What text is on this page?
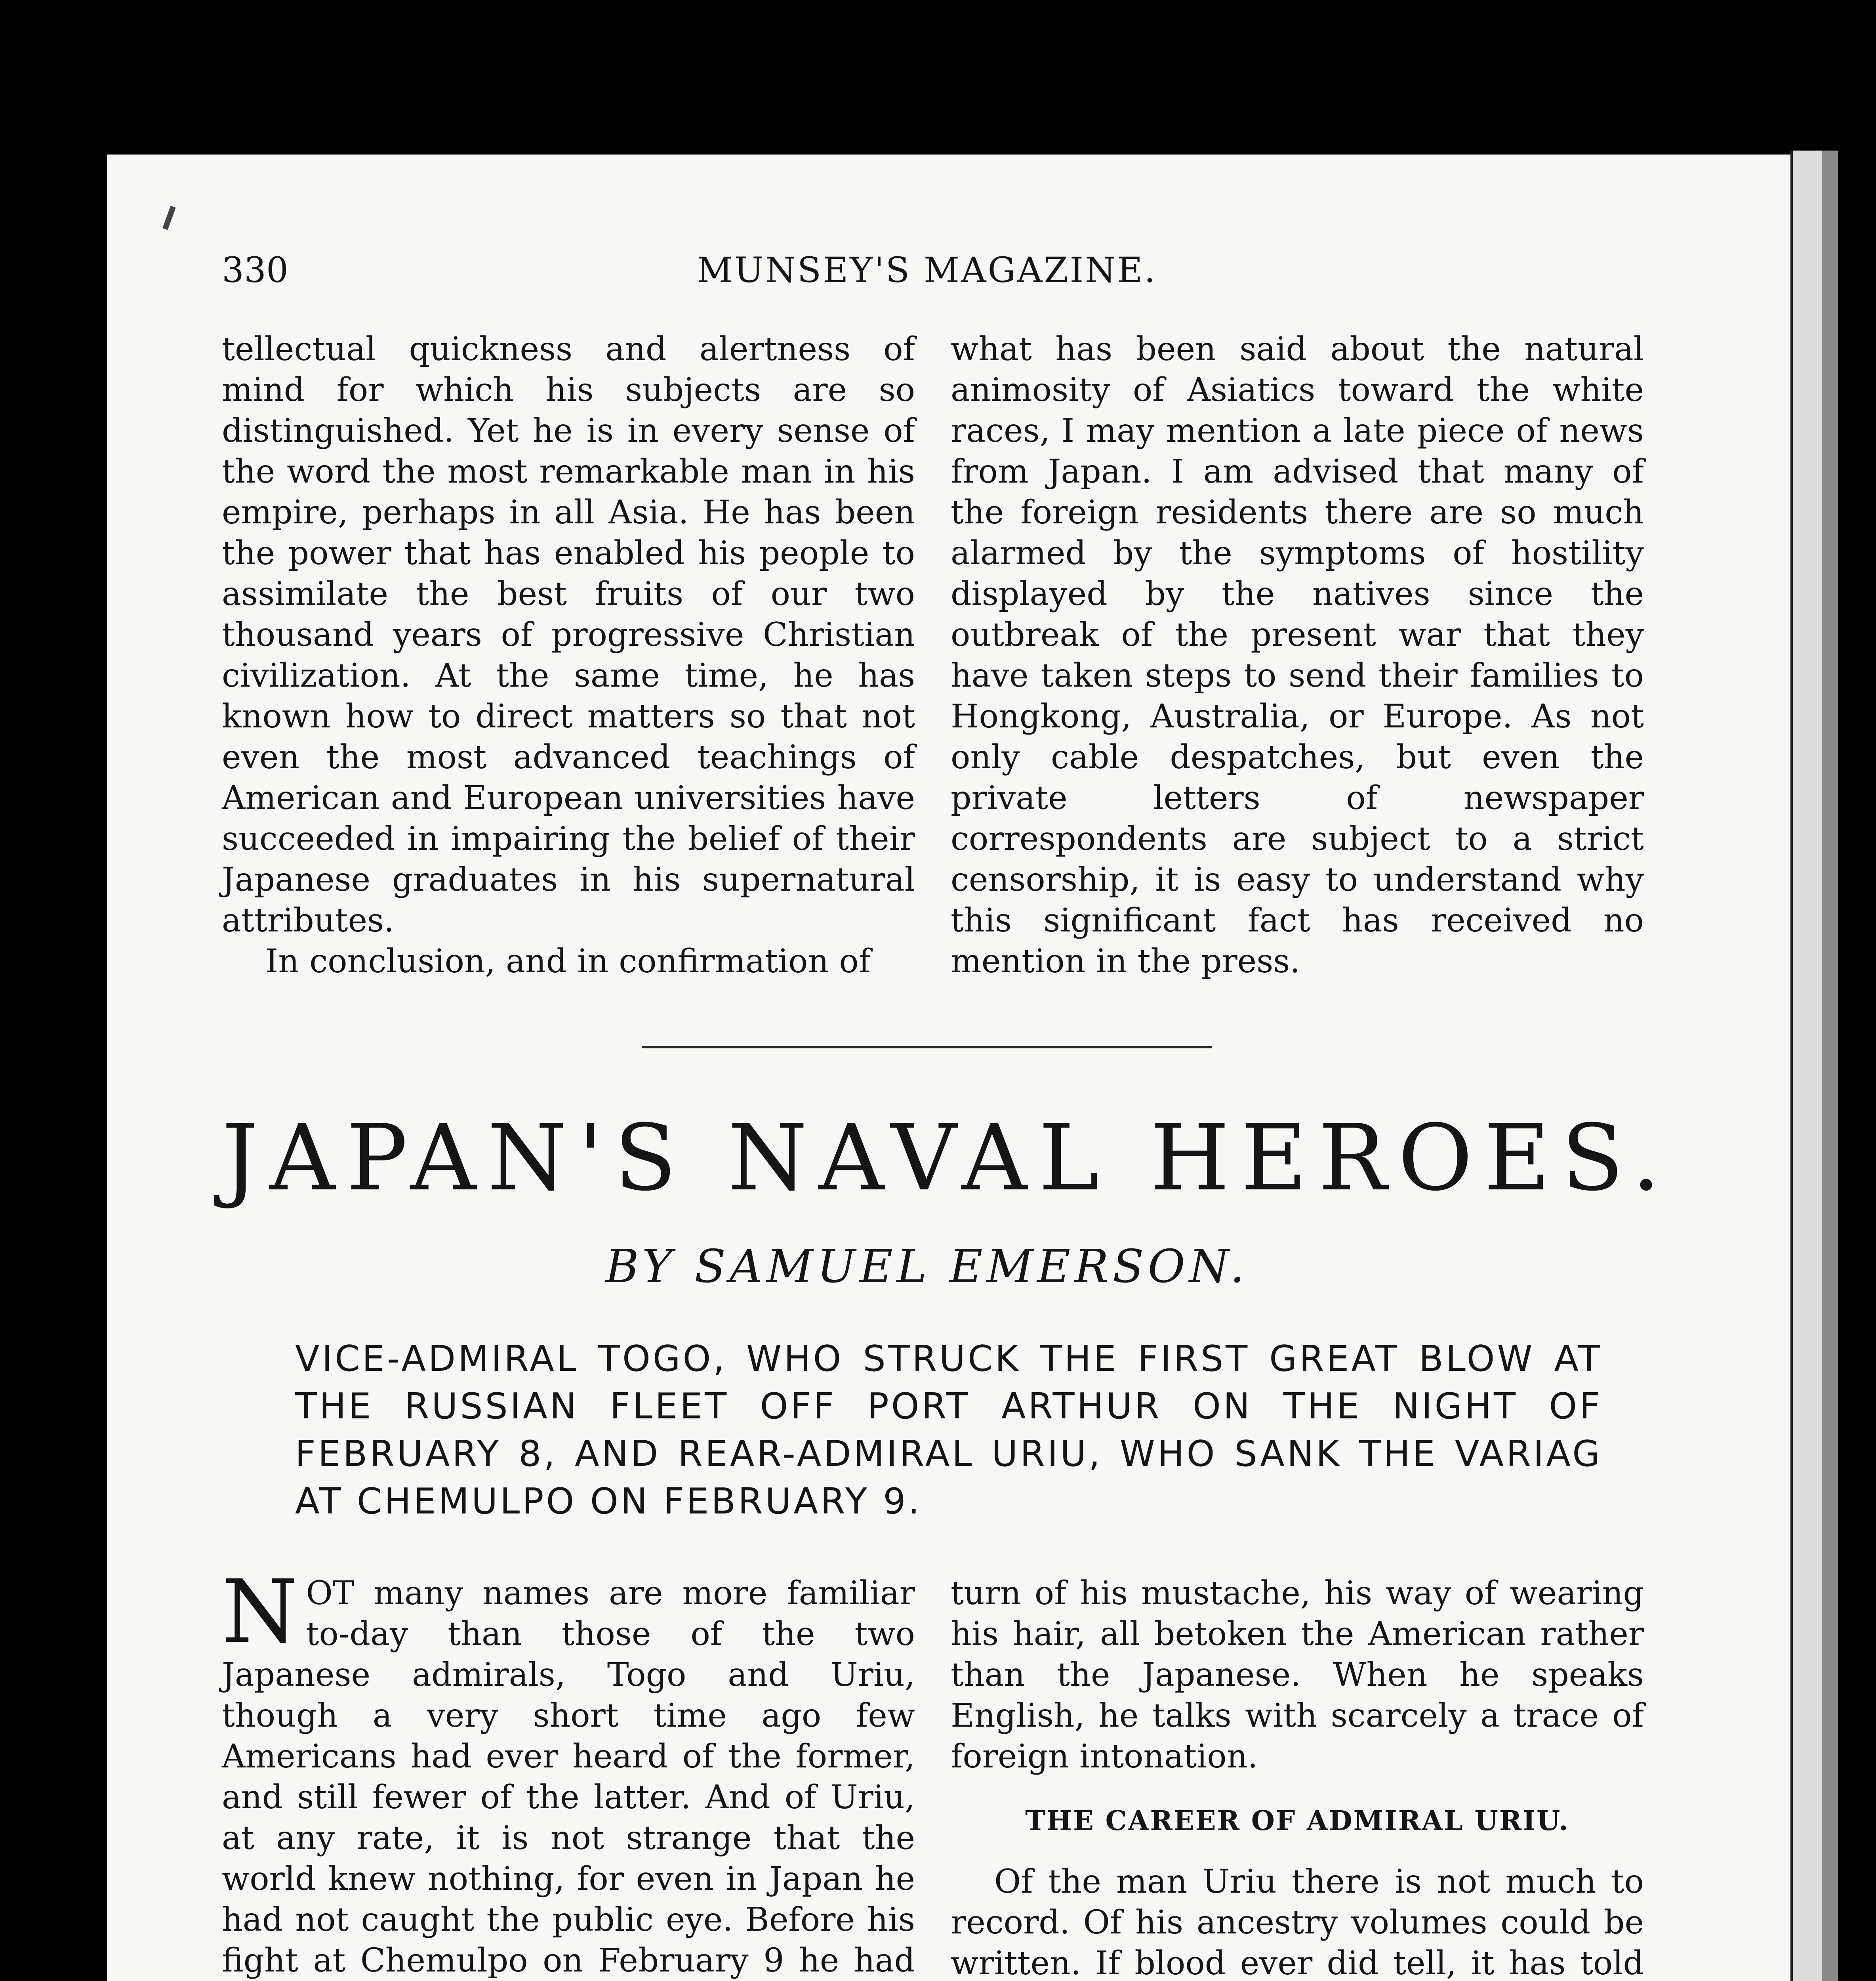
330	MUNSEY'S MAGAZINE.

tellectual quickness and alertness of mind for which his subjects are so distinguished. Yet he is in every sense of the word the most remarkable man in his empire, perhaps in all Asia. He has been the power that has enabled his people to assimilate the best fruits of our two thousand years of progressive Christian civilization. At the same time, he has known how to direct matters so that not even the most advanced teachings of American and European universities have succeeded in impairing the belief of their Japanese graduates in his supernatural attributes.

In conclusion, and in confirmation of

what has been said about the natural animosity of Asiatics toward the white races, I may mention a late piece of news from Japan. I am advised that many of the foreign residents there are so much alarmed by the symptoms of hostility displayed by the natives since the outbreak of the present war that they have taken steps to send their families to Hongkong, Australia, or Europe. As not only cable despatches, but even the private letters of newspaper correspondents are subject to a strict censorship, it is easy to understand why this significant fact has received no mention in the press.

JAPAN'S NAVAL HEROES.
BY SAMUEL EMERSON.
VICE-ADMIRAL TOGO, WHO STRUCK THE FIRST GREAT BLOW AT THE RUSSIAN FLEET OFF PORT ARTHUR ON THE NIGHT OF FEBRUARY 8, AND REAR-ADMIRAL URIU, WHO SANK THE VARIAG AT CHEMULPO ON FEBRUARY 9.

NOT many names are more familiar to-day than those of the two Japanese admirals, Togo and Uriu, though a very short time ago few Americans had ever heard of the former, and still fewer of the latter. And of Uriu, at any rate, it is not strange that the world knew nothing, for even in Japan he had not caught the public eye. Before his fight at Chemulpo on February 9 he had

turn of his mustache, his way of wearing his hair, all betoken the American rather than the Japanese. When he speaks English, he talks with scarcely a trace of foreign intonation.

THE CAREER OF ADMIRAL URIU.

Of the man Uriu there is not much to record. Of his ancestry volumes could be written. If blood ever did tell, it has told
